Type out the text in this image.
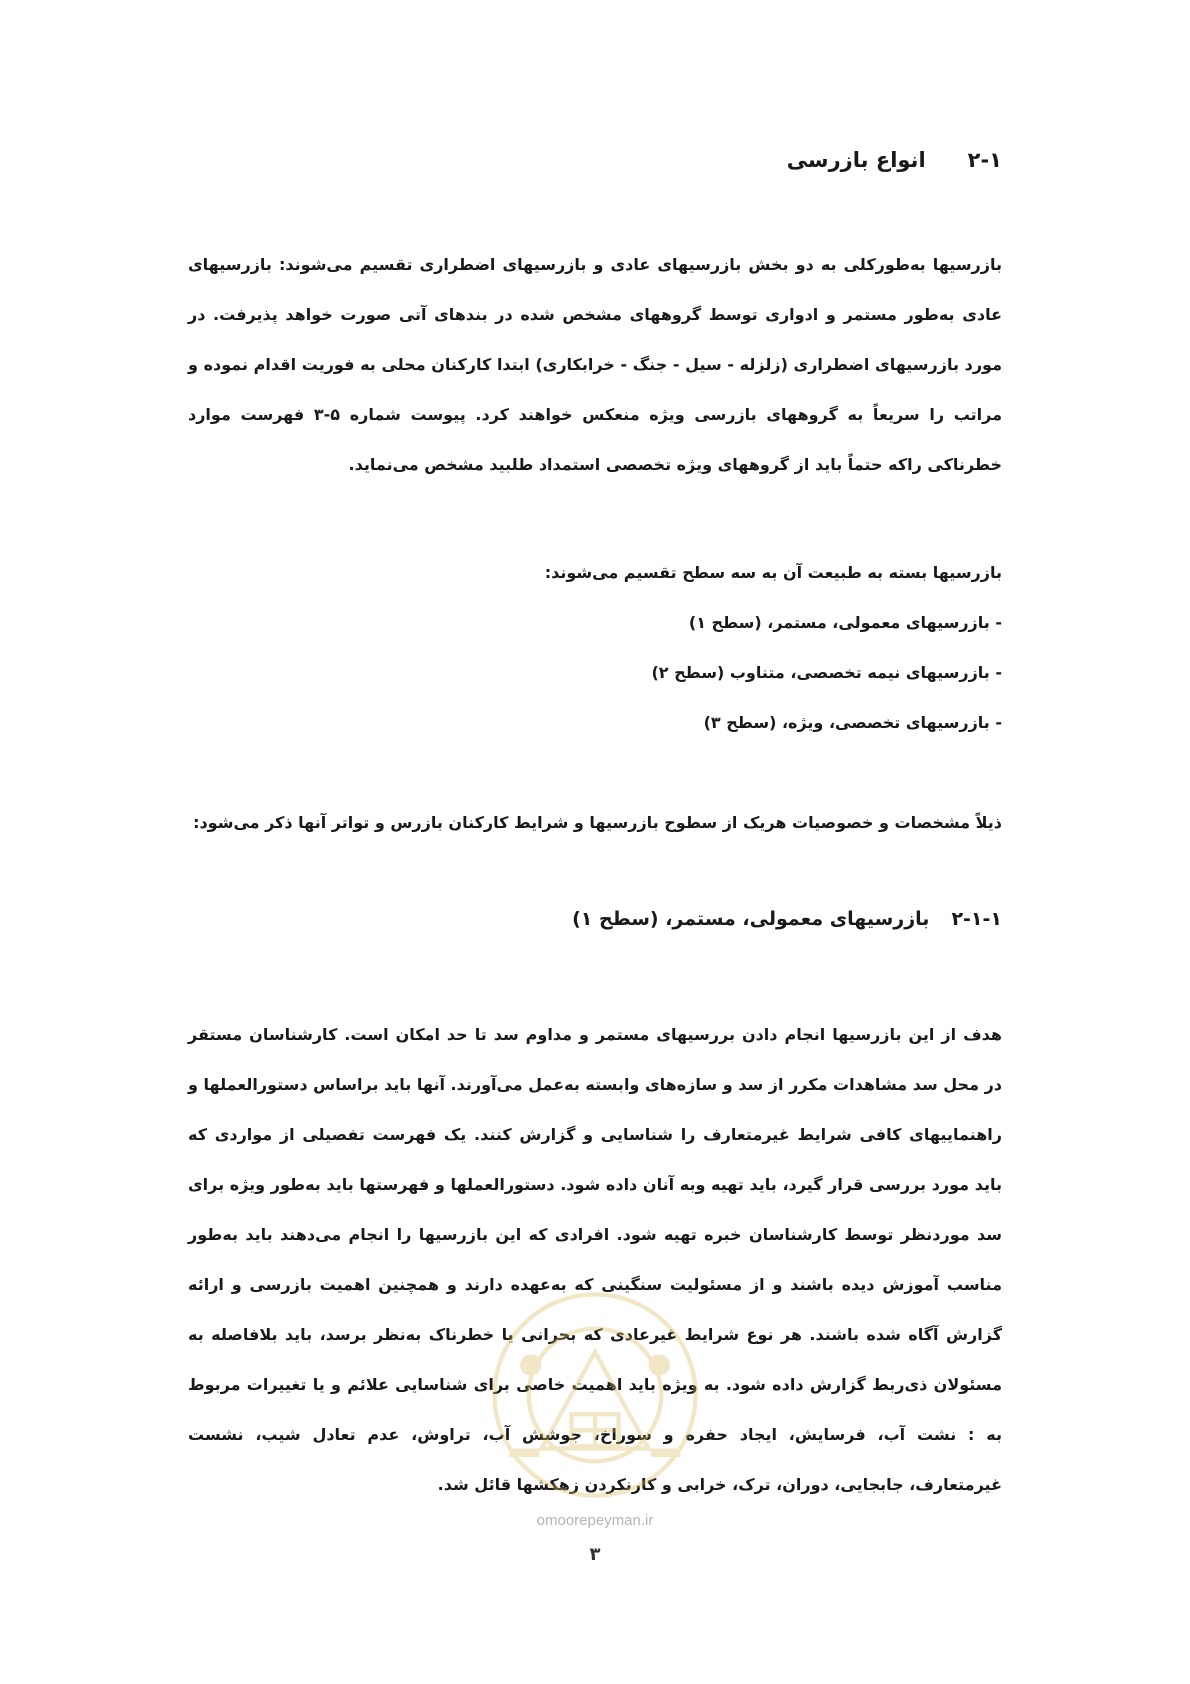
۲-۱انواع بازرسی

بازرسیها به‌طورکلی به دو بخش بازرسیهای عادی و بازرسیهای اضطراری تقسیم می‌شوند: بازرسیهای عادی به‌طور مستمر و ادواری توسط گروههای مشخص شده در بندهای آتی صورت خواهد پذیرفت. در مورد بازرسیهای اضطراری (زلزله - سیل - جنگ - خرابکاری) ابتدا کارکنان محلی به فوریت اقدام نموده و مراتب را سریعاً به گروههای بازرسی ویژه منعکس خواهند کرد. پیوست شماره ۵-۳ فهرست موارد خطرناکی راکه حتماً باید از گروههای ویژه تخصصی استمداد طلبید مشخص می‌نماید.

بازرسیها بسته به طبیعت آن به سه سطح تقسیم می‌شوند:

- بازرسیهای معمولی، مستمر، (سطح ۱)
- بازرسیهای نیمه تخصصی، متناوب (سطح ۲)
- بازرسیهای تخصصی، ویژه، (سطح ۳)

ذیلاً مشخصات و خصوصیات هریک از سطوح بازرسیها و شرایط کارکنان بازرس و تواتر آنها ذکر می‌شود:

۲-۱-۱بازرسیهای معمولی، مستمر، (سطح ۱)

هدف از این بازرسیها انجام دادن بررسیهای مستمر و مداوم سد تا حد امکان است. کارشناسان مستقر در محل سد مشاهدات مکرر از سد و سازه‌های وابسته به‌عمل می‌آورند. آنها باید براساس دستورالعملها و راهنماییهای کافی شرایط غیرمتعارف را شناسایی و گزارش کنند. یک فهرست تفصیلی از مواردی که باید مورد بررسی قرار گیرد، باید تهیه وبه آنان داده شود. دستورالعملها و فهرستها باید به‌طور ویژه برای سد موردنظر توسط کارشناسان خبره تهیه شود. افرادی که این بازرسیها را انجام می‌دهند باید به‌طور مناسب آموزش دیده باشند و از مسئولیت سنگینی که به‌عهده دارند و همچنین اهمیت بازرسی و ارائه گزارش آگاه شده باشند. هر نوع شرایط غیرعادی که بحرانی یا خطرناک به‌نظر برسد، باید بلافاصله به مسئولان ذی‌ربط گزارش داده شود. به ویژه باید اهمیت خاصی برای شناسایی علائم و یا تغییرات مربوط به : نشت آب، فرسایش، ایجاد حفره و سوراخ، جوشش آب، تراوش، عدم تعادل شیب، نشست غیرمتعارف، جابجایی، دوران، ترک، خرابی و کارنکردن زهکشها قائل شد.

omoorepeyman.ir
۳
